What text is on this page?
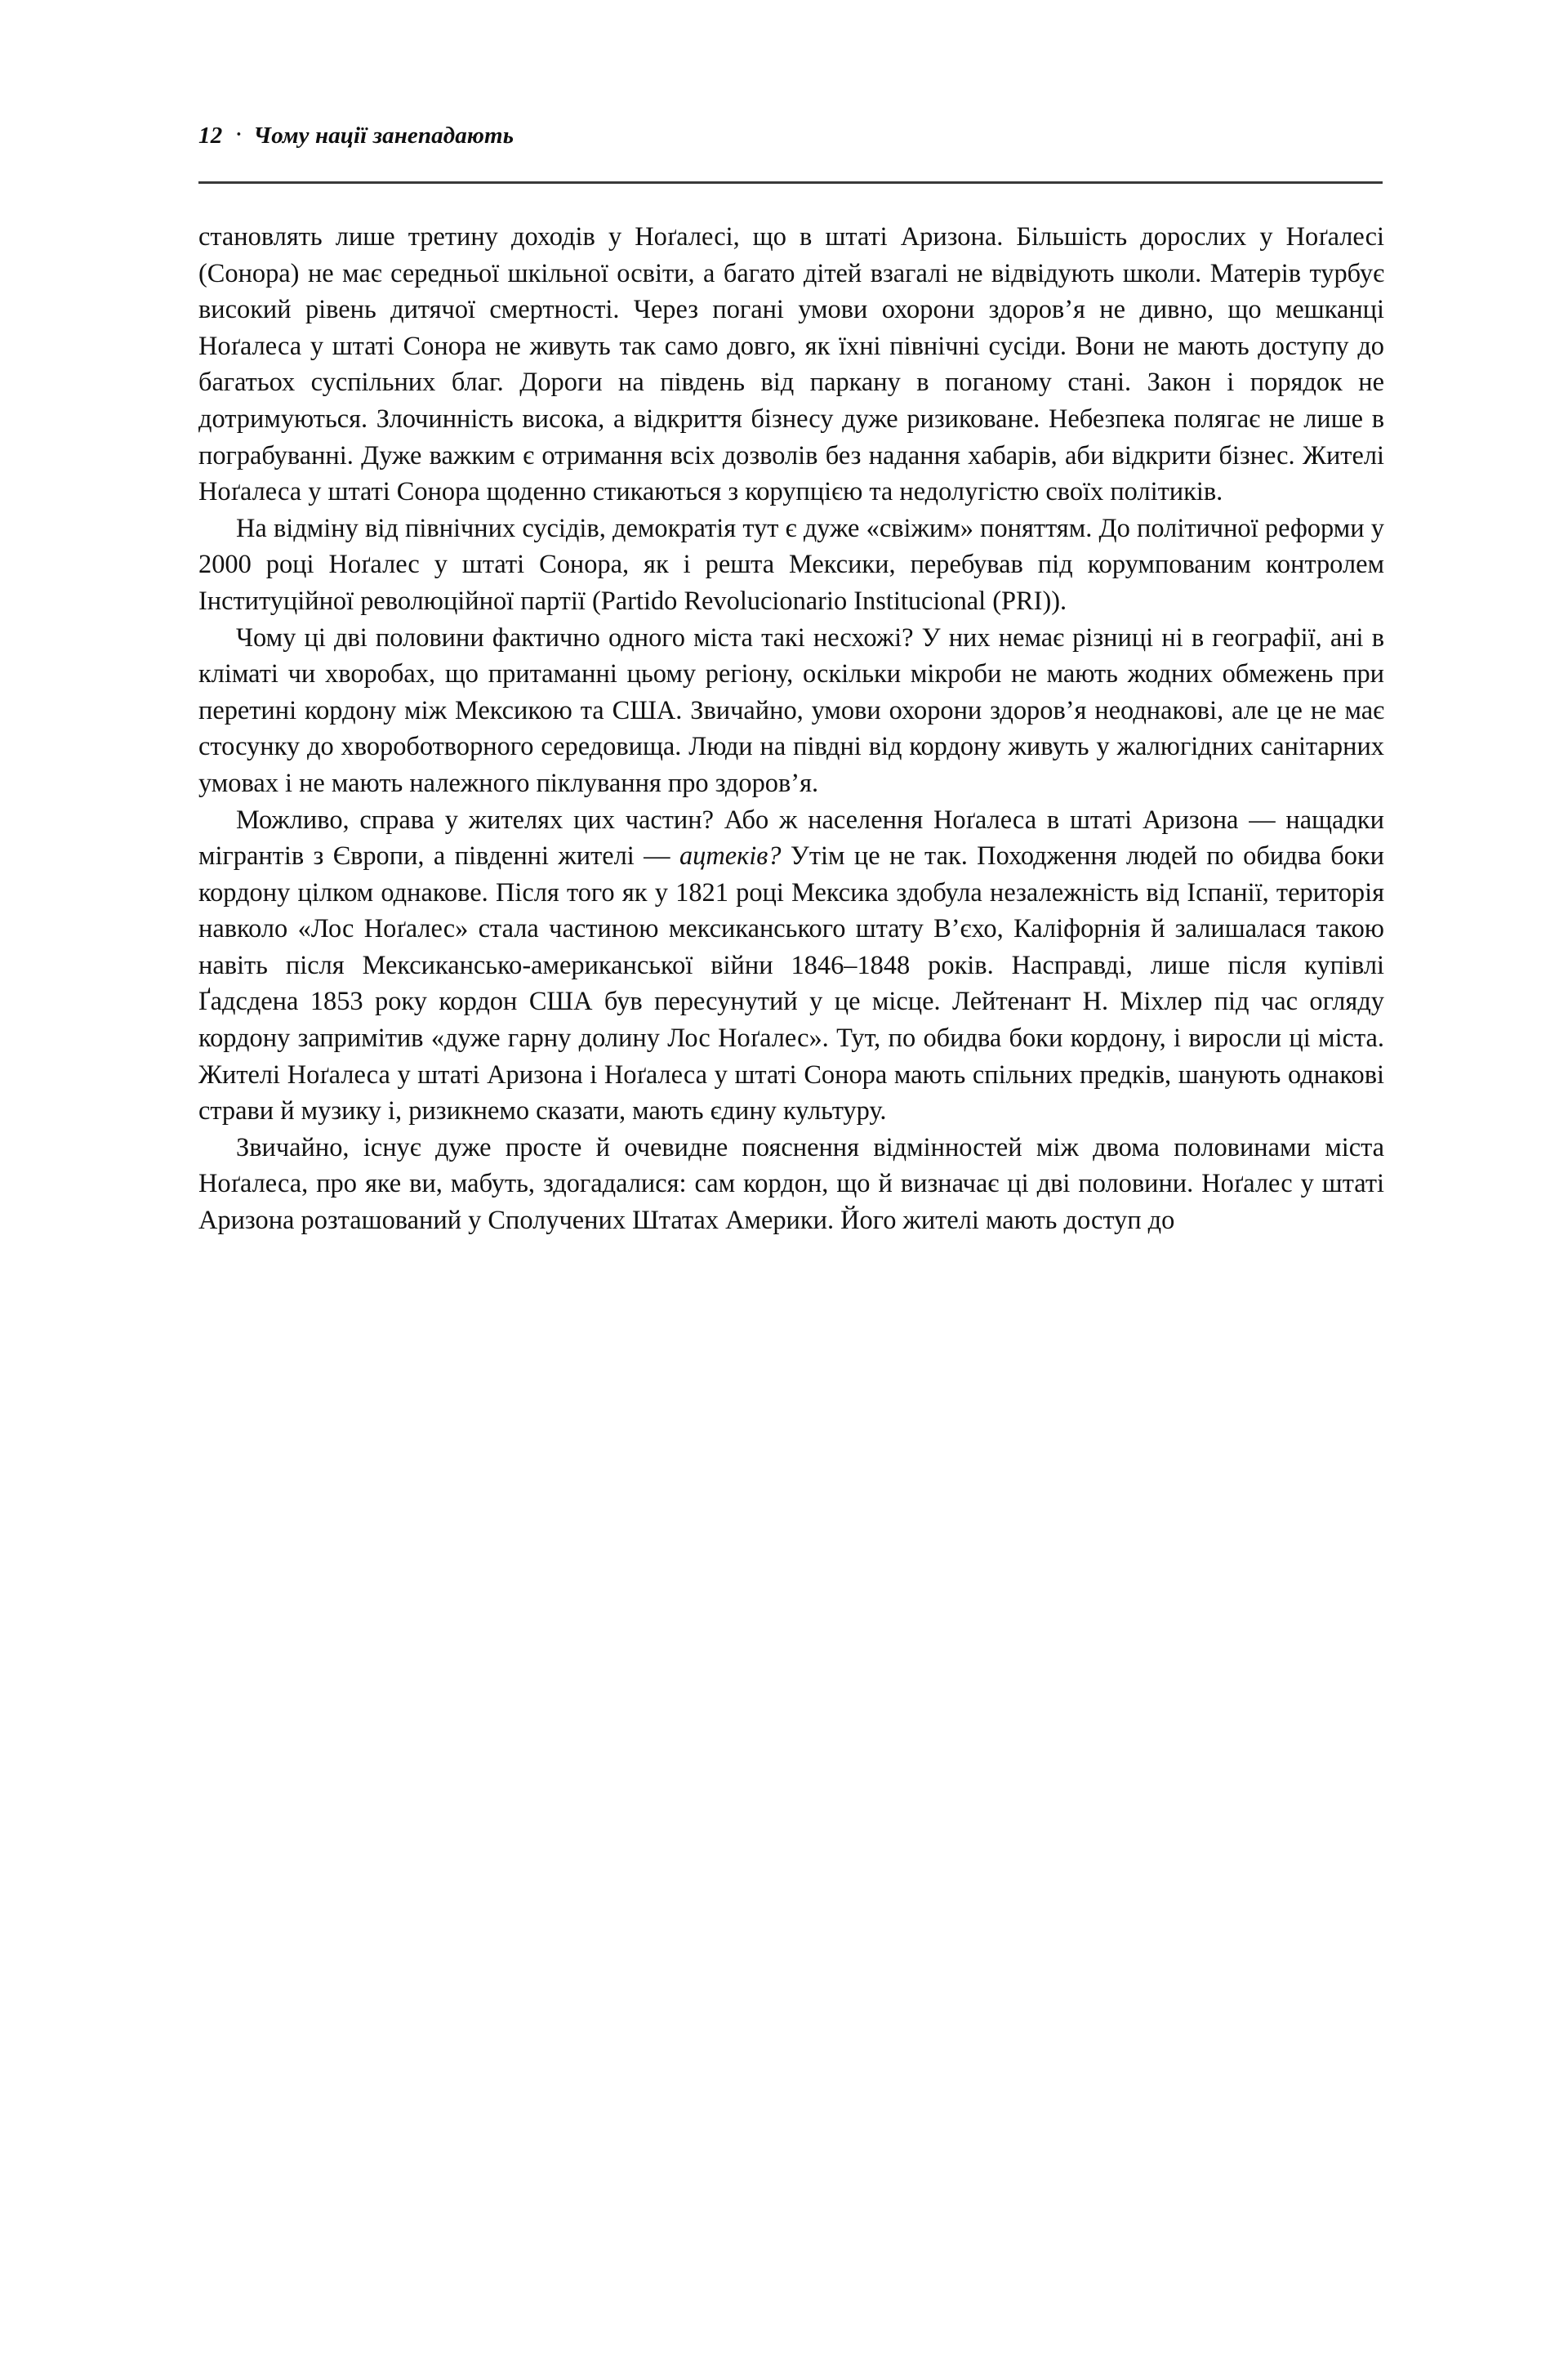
12 · Чому нації занепадають

становлять лише третину доходів у Ноґалесі, що в штаті Аризона. Більшість дорослих у Ноґалесі (Сонора) не має середньої шкільної освіти, а багато дітей взагалі не відвідують школи. Матерів турбує високий рівень дитячої смертності. Через погані умови охорони здоров’я не дивно, що мешканці Ноґалеса у штаті Сонора не живуть так само довго, як їхні північні сусіди. Вони не мають доступу до багатьох суспільних благ. Дороги на південь від паркану в поганому стані. Закон і порядок не дотримуються. Злочинність висока, а відкриття бізнесу дуже ризиковане. Небезпека полягає не лише в пограбуванні. Дуже важким є отримання всіх дозволів без надання хабарів, аби відкрити бізнес. Жителі Ноґалеса у штаті Сонора щоденно стикаються з корупцією та недолугістю своїх політиків.

На відміну від північних сусідів, демократія тут є дуже «свіжим» поняттям. До політичної реформи у 2000 році Ноґалес у штаті Сонора, як і решта Мексики, перебував під корумпованим контролем Інституційної революційної партії (Partido Revolucionario Institucional (PRI)).

Чому ці дві половини фактично одного міста такі несхожі? У них немає різниці ні в географії, ані в кліматі чи хворобах, що притаманні цьому регіону, оскільки мікроби не мають жодних обмежень при перетині кордону між Мексикою та США. Звичайно, умови охорони здоров’я неоднакові, але це не має стосунку до хвороботворного середовища. Люди на півдні від кордону живуть у жалюгідних санітарних умовах і не мають належного піклування про здоров’я.

Можливо, справа у жителях цих частин? Або ж населення Ноґалеса в штаті Аризона — нащадки мігрантів з Європи, а південні жителі — ацтеків? Утім це не так. Походження людей по обидва боки кордону цілком однакове. Після того як у 1821 році Мексика здобула незалежність від Іспанії, територія навколо «Лос Ноґалес» стала частиною мексиканського штату В’єхо, Каліфорнія й залишалася такою навіть після Мексикансько-американської війни 1846–1848 років. Насправді, лише після купівлі Ґадсдена 1853 року кордон США був пересунутий у це місце. Лейтенант Н. Міхлер під час огляду кордону запримітив «дуже гарну долину Лос Ноґалес». Тут, по обидва боки кордону, і виросли ці міста. Жителі Ноґалеса у штаті Аризона і Ноґалеса у штаті Сонора мають спільних предків, шанують однакові страви й музику і, ризикнемо сказати, мають єдину культуру.

Звичайно, існує дуже просте й очевидне пояснення відмінностей між двома половинами міста Ноґалеса, про яке ви, мабуть, здогадалися: сам кордон, що й визначає ці дві половини. Ноґалес у штаті Аризона розташований у Сполучених Штатах Америки. Його жителі мають доступ до
